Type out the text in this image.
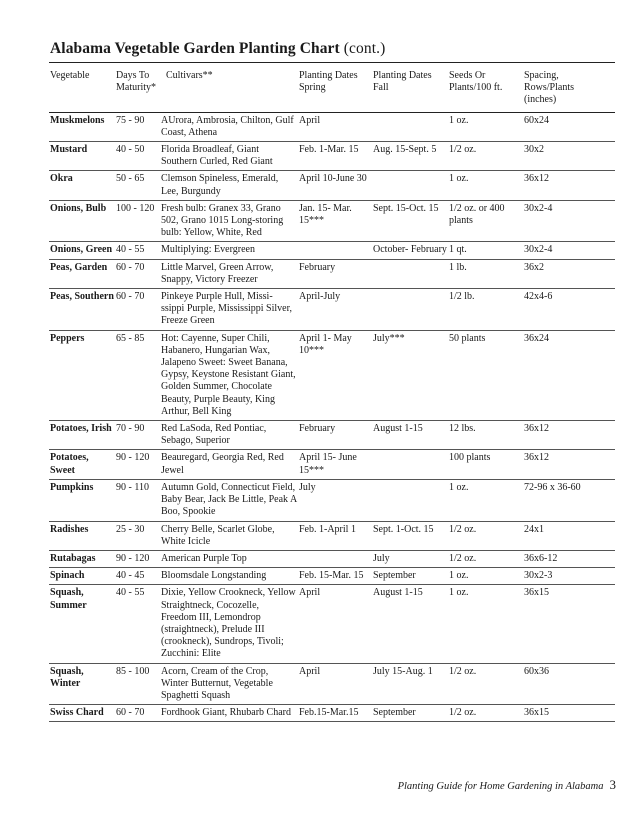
Alabama Vegetable Garden Planting Chart (cont.)
Vegetable	Days To Maturity*	Cultivars**	Planting Dates Spring	Planting Dates Fall	Seeds Or Plants/100 ft.	Spacing, Rows/Plants (inches)
Muskmelons	75 - 90	AUrora, Ambrosia, Chilton, Gulf Coast, Athena	April		1 oz.	60x24
Mustard	40 - 50	Florida Broadleaf, Giant Southern Curled, Red Giant	Feb. 1-Mar. 15	Aug. 15-Sept. 5	1/2 oz.	30x2
Okra	50 - 65	Clemson Spineless, Emerald, Lee, Burgundy	April 10-June 30		1 oz.	36x12
Onions, Bulb	100 - 120	Fresh bulb: Granex 33, Grano 502, Grano 1015 Long-storing bulb: Yellow, White, Red	Jan. 15- Mar. 15***	Sept. 15-Oct. 15	1/2 oz. or 400 plants	30x2-4
Onions, Green	40 - 55	Multiplying: Evergreen		October- February	1 qt.	30x2-4
Peas, Garden	60 - 70	Little Marvel, Green Arrow, Snappy, Victory Freezer	February		1 lb.	36x2
Peas, Southern	60 - 70	Pinkeye Purple Hull, Missi- ssippi Purple, Mississippi Silver, Freeze Green	April-July		1/2 lb.	42x4-6
Peppers	65 - 85	Hot: Cayenne, Super Chili, Habanero, Hungarian Wax, Jalapeno Sweet: Sweet Banana, Gypsy, Keystone Resistant Giant, Golden Summer, Chocolate Beauty, Purple Beauty, King Arthur, Bell King	April 1- May 10***	July***	50 plants	36x24
Potatoes, Irish	70 - 90	Red LaSoda, Red Pontiac, Sebago, Superior	February	August 1-15	12 lbs.	36x12
Potatoes, Sweet	90 - 120	Beauregard, Georgia Red, Red Jewel	April 15- June 15***		100 plants	36x12
Pumpkins	90 - 110	Autumn Gold, Connecticut Field, Baby Bear, Jack Be Little, Peak A Boo, Spookie	July		1 oz.	72-96 x 36-60
Radishes	25 - 30	Cherry Belle, Scarlet Globe, White Icicle	Feb. 1-April 1	Sept. 1-Oct. 15	1/2 oz.	24x1
Rutabagas	90 - 120	American Purple Top		July	1/2 oz.	36x6-12
Spinach	40 - 45	Bloomsdale Longstanding	Feb. 15-Mar. 15	September	1 oz.	30x2-3
Squash, Summer	40 - 55	Dixie, Yellow Crookneck, Yellow Straightneck, Cocozelle, Freedom III, Lemondrop (straightneck), Prelude III (crookneck), Sundrops, Tivoli; Zucchini: Elite	April	August 1-15	1 oz.	36x15
Squash, Winter	85 - 100	Acorn, Cream of the Crop, Winter Butternut, Vegetable Spaghetti Squash	April	July 15-Aug. 1	1/2 oz.	60x36
Swiss Chard	60 - 70	Fordhook Giant, Rhubarb Chard	Feb.15-Mar.15	September	1/2 oz.	36x15
Planting Guide for Home Gardening in Alabama 3
